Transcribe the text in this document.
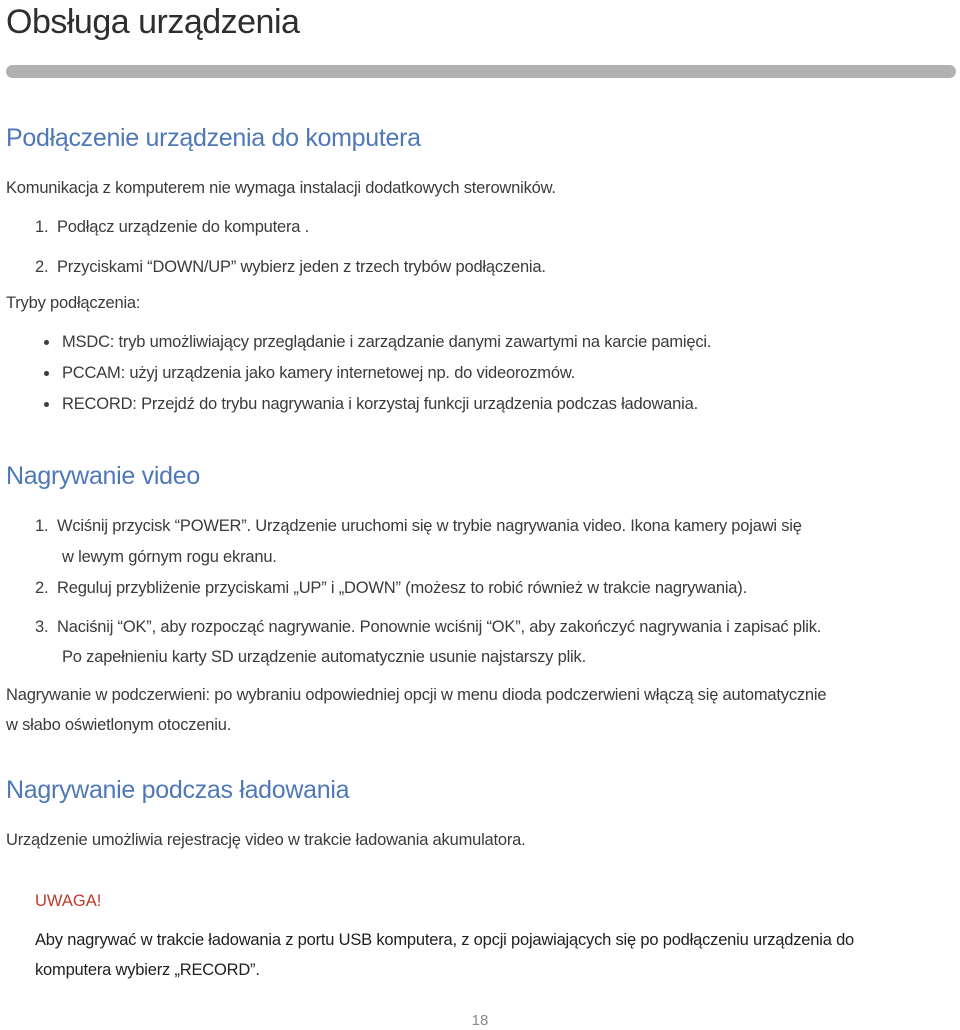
Obsługa urządzenia
Podłączenie urządzenia do komputera
Komunikacja z komputerem nie wymaga instalacji dodatkowych sterowników.
1. Podłącz urządzenie do komputera .
2. Przyciskami “DOWN/UP” wybierz jeden z trzech trybów podłączenia.
Tryby podłączenia:
MSDC: tryb umożliwiający przeglądanie i zarządzanie danymi zawartymi na karcie pamięci.
PCCAM: użyj urządzenia jako kamery internetowej np. do videorozmów.
RECORD: Przejdź do trybu nagrywania i korzystaj funkcji urządzenia podczas ładowania.
Nagrywanie video
1. Wciśnij przycisk “POWER”. Urządzenie uruchomi się w trybie nagrywania video. Ikona kamery pojawi się
w lewym górnym rogu ekranu.
2. Reguluj przybliżenie przyciskami „UP” i „DOWN” (możesz to robić również w trakcie nagrywania).
3. Naciśnij “OK”, aby rozpocząć nagrywanie. Ponownie wciśnij “OK”, aby zakończyć nagrywania i zapisać plik.
Po zapełnieniu karty SD urządzenie automatycznie usunie najstarszy plik.
Nagrywanie w podczerwieni: po wybraniu odpowiedniej opcji w menu dioda podczerwieni włączą się automatycznie
w słabo oświetlonym otoczeniu.
Nagrywanie podczas ładowania
Urządzenie umożliwia rejestrację video w trakcie ładowania akumulatora.
UWAGA!
Aby nagrywać w trakcie ładowania z portu USB komputera, z opcji pojawiających się po podłączeniu urządzenia do
komputera wybierz „RECORD”.
18
